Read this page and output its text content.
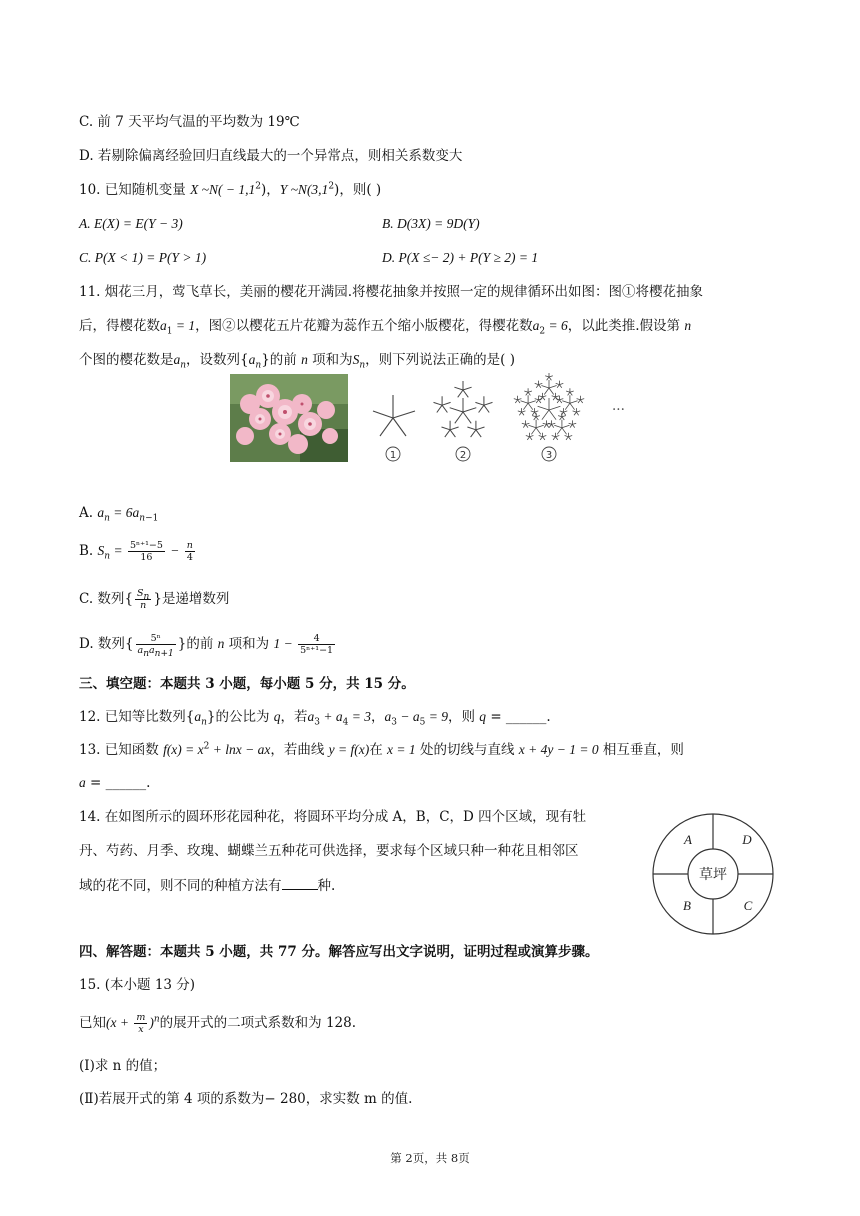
C. 前 7 天平均气温的平均数为 19℃
D. 若剔除偏离经验回归直线最大的一个异常点，则相关系数变大
10. 已知随机变量 X ~N( − $1,1^2$)，Y $\sim N(3,1^2)$，则( )
A. E(X) = E(Y − 3)	B. D(3X) = 9D(Y)
C. P(X < 1) = P(Y > 1)	D. P(X ≤− 2) + P(Y ≥ 2) = 1
11. 烟花三月，莺飞草长，美丽的樱花开满园.将樱花抽象并按照一定的规律循环出如图：图①将樱花抽象
后，得樱花数$a_1 = 1$，图②以樱花五片花瓣为蕊作五个缩小版樱花，得樱花数$a_2 = 6$，以此类推.假设第 n
个图的樱花数是$a_n$，设数列$\{a_n\}$的前 n 项和为$S_n$，则下列说法正确的是( )
1	2	3
···
A. $a_n = 6a_{n-1}$
B. $S_n = \frac{\text{5ⁿ⁺¹−5}}{16} - \frac{n}{4}$
C. 数列{ $\frac{S_n}{n}$ }是递增数列
D. 数列{ $\frac{\text{5ⁿ}}{a_na_{n+1}}$ }的前 n 项和为 $1 - \frac{4}{\text{5ⁿ⁺¹−1}}$
三、填空题：本题共 3 小题，每小题 5 分，共 15 分。
12. 已知等比数列$\{a_n\}$的公比为 q，若$a_3 + a_4 = 3$，$a_3 - a_5 = 9$，则 q = ______.
13. 已知函数 $f(x) = x^2 + \ln x$ − ax，若曲线 y = f(x)在 x = 1 处的切线与直线 x + 4y − 1 = 0 相互垂直，则
a = ______.
14. 在如图所示的圆环形花园种花，将圆环平均分成 A，B，C，D 四个区域，现有牡
丹、芍药、月季、玫瑰、蝴蝶兰五种花可供选择，要求每个区域只种一种花且相邻区
域的花不同，则不同的种植方法有	种.
A	D
B	C
草坪
四、解答题：本题共 5 小题，共 77 分。解答应写出文字说明，证明过程或演算步骤。
15. (本小题 13 分)
已知$(x + \frac{m}{x} )^n$的展开式的二项式系数和为 128.
(Ⅰ)求 n 的值；
(Ⅱ)若展开式的第 4 项的系数为− 280，求实数 m 的值.
第 2页，共 8页
